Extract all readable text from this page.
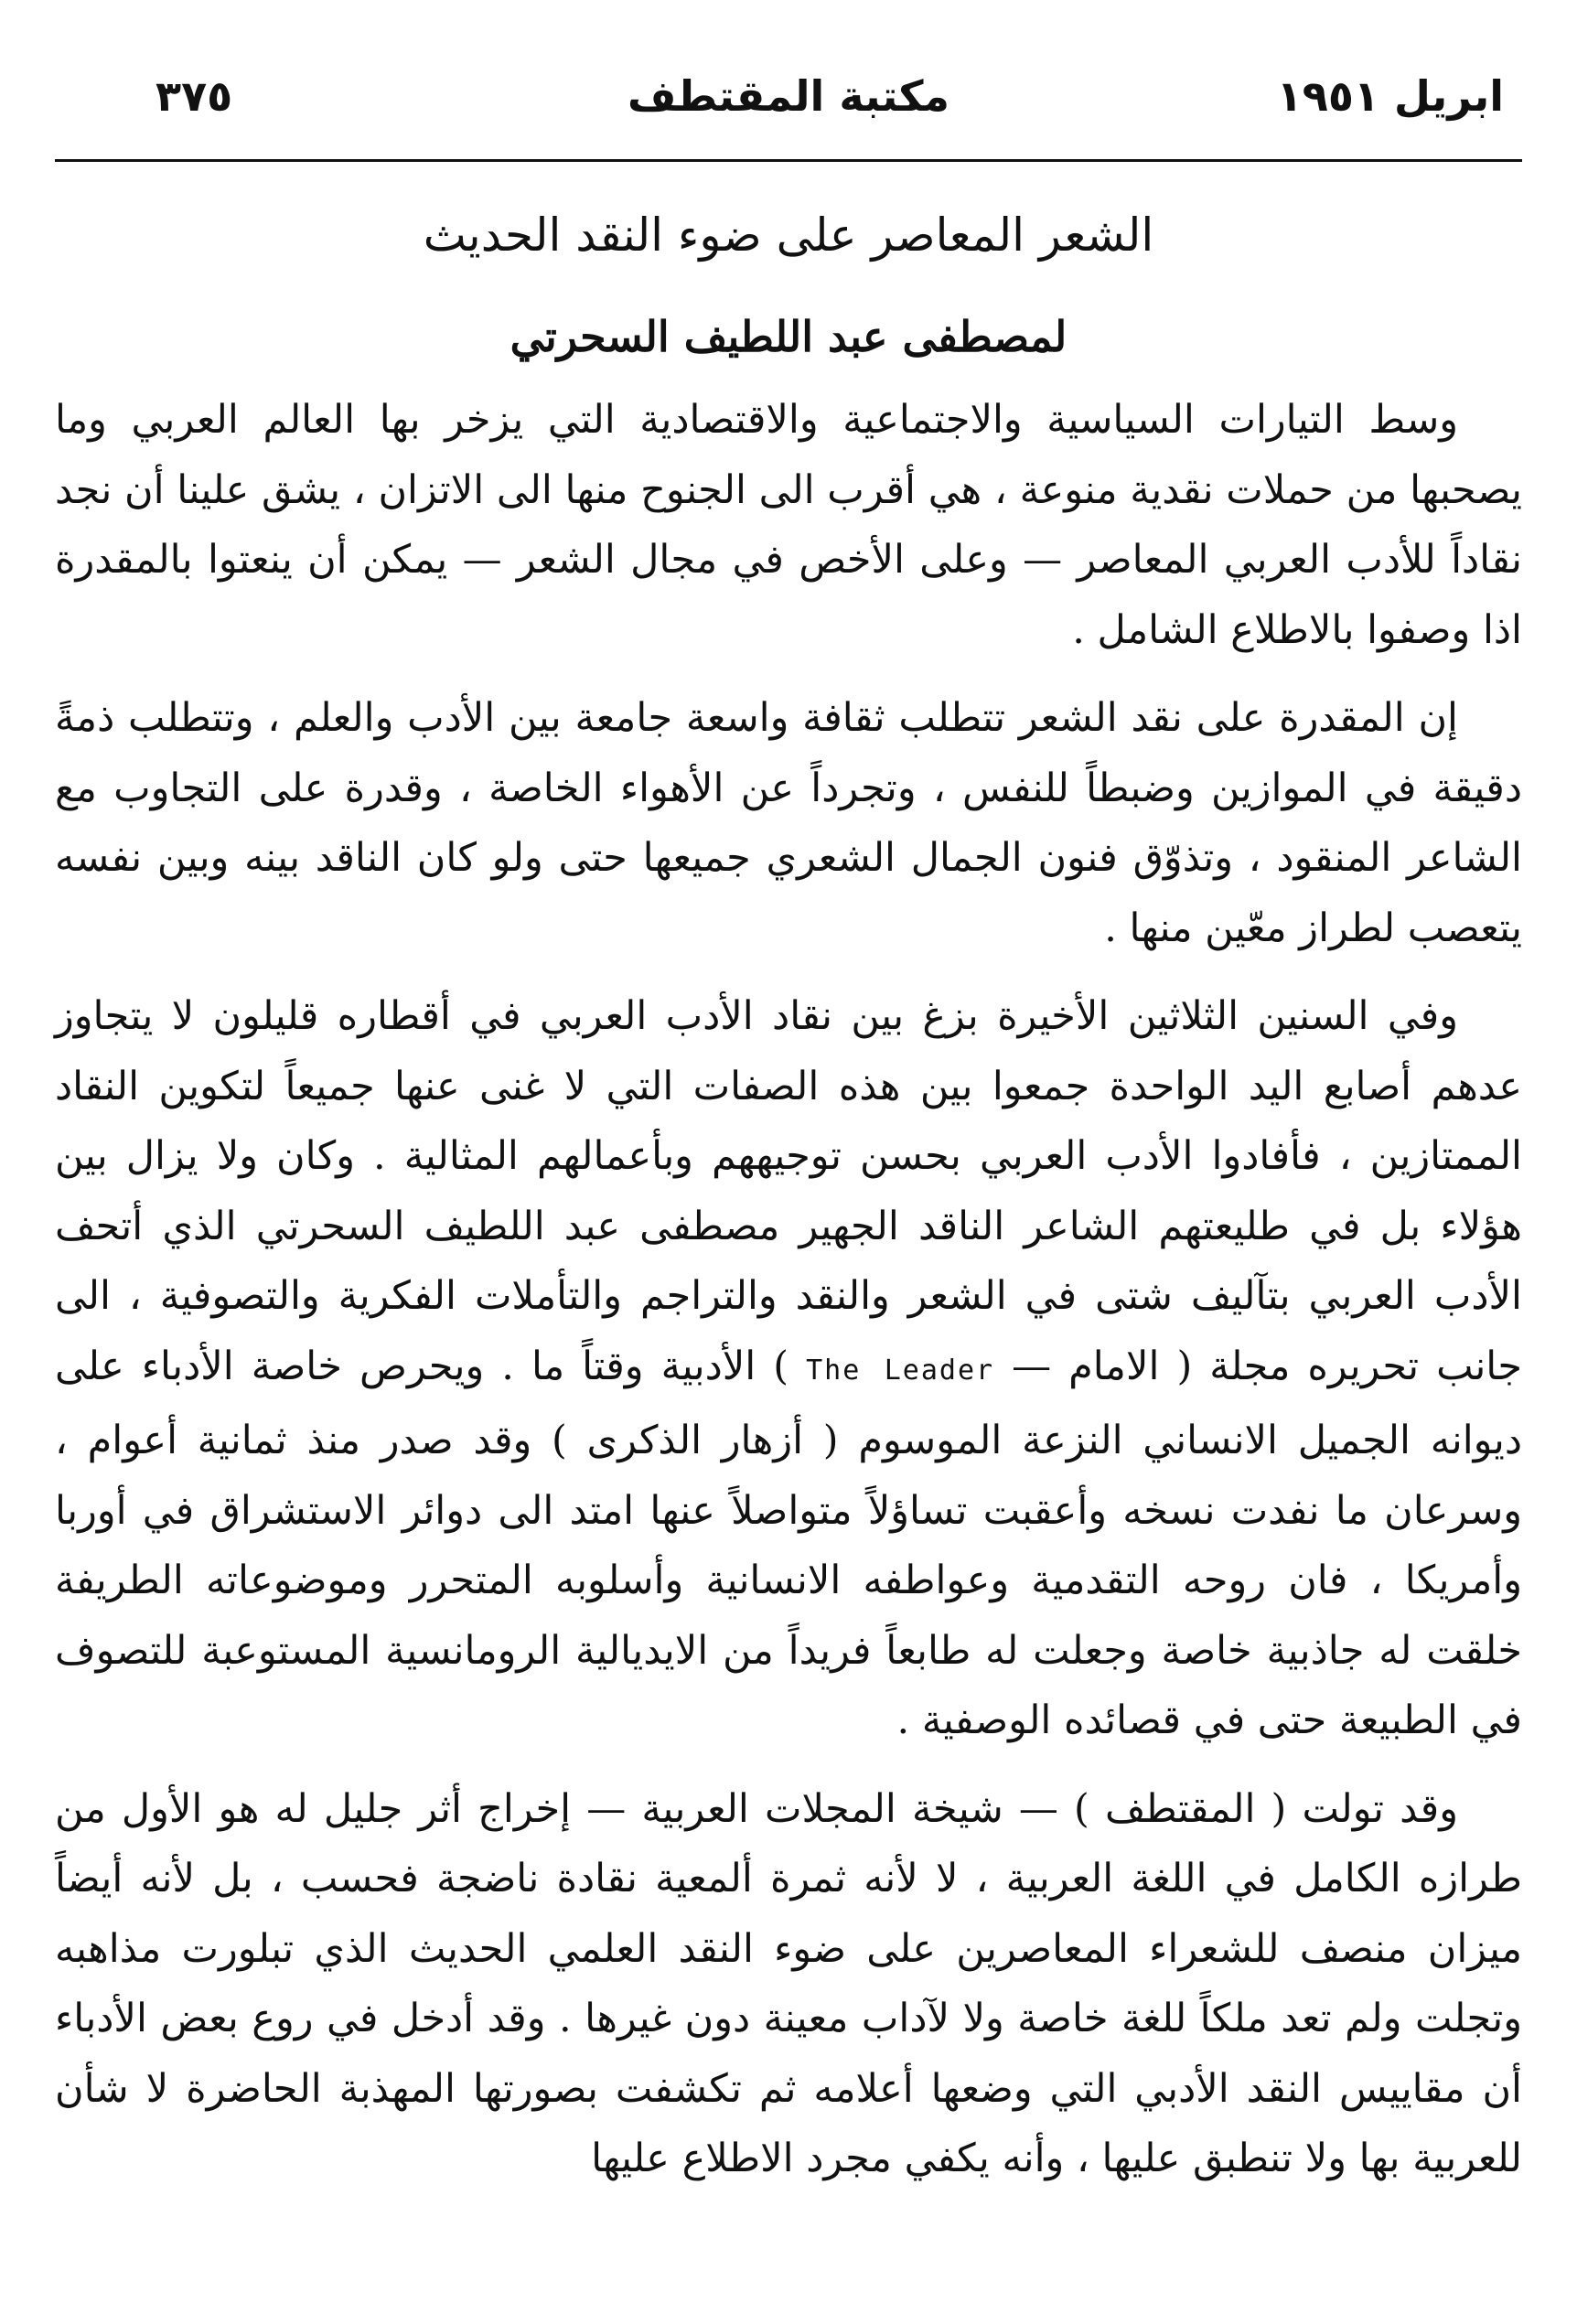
ابريل ١٩٥١
مكتبة المقتطف
٣٧٥
الشعر المعاصر على ضوء النقد الحديث
لمصطفى عبد اللطيف السحرتي

وسط التيارات السياسية والاجتماعية والاقتصادية التي يزخر بها العالم العربي وما يصحبها من حملات نقدية منوعة ، هي أقرب الى الجنوح منها الى الاتزان ، يشق علينا أن نجد نقاداً للأدب العربي المعاصر — وعلى الأخص في مجال الشعر — يمكن أن ينعتوا بالمقدرة اذا وصفوا بالاطلاع الشامل .

إن المقدرة على نقد الشعر تتطلب ثقافة واسعة جامعة بين الأدب والعلم ، وتتطلب ذمةً دقيقة في الموازين وضبطاً للنفس ، وتجرداً عن الأهواء الخاصة ، وقدرة على التجاوب مع الشاعر المنقود ، وتذوّق فنون الجمال الشعري جميعها حتى ولو كان الناقد بينه وبين نفسه يتعصب لطراز معّين منها .

وفي السنين الثلاثين الأخيرة بزغ بين نقاد الأدب العربي في أقطاره قليلون لا يتجاوز عدهم أصابع اليد الواحدة جمعوا بين هذه الصفات التي لا غنى عنها جميعاً لتكوين النقاد الممتازين ، فأفادوا الأدب العربي بحسن توجيههم وبأعمالهم المثالية . وكان ولا يزال بين هؤلاء بل في طليعتهم الشاعر الناقد الجهير مصطفى عبد اللطيف السحرتي الذي أتحف الأدب العربي بتآليف شتى في الشعر والنقد والتراجم والتأملات الفكرية والتصوفية ، الى جانب تحريره مجلة ( الامام — The Leader ) الأدبية وقتاً ما . ويحرص خاصة الأدباء على ديوانه الجميل الانساني النزعة الموسوم ( أزهار الذكرى ) وقد صدر منذ ثمانية أعوام ، وسرعان ما نفدت نسخه وأعقبت تساؤلاً متواصلاً عنها امتد الى دوائر الاستشراق في أوربا وأمريكا ، فان روحه التقدمية وعواطفه الانسانية وأسلوبه المتحرر وموضوعاته الطريفة خلقت له جاذبية خاصة وجعلت له طابعاً فريداً من الايديالية الرومانسية المستوعبة للتصوف في الطبيعة حتى في قصائده الوصفية .

وقد تولت ( المقتطف ) — شيخة المجلات العربية — إخراج أثر جليل له هو الأول من طرازه الكامل في اللغة العربية ، لا لأنه ثمرة ألمعية نقادة ناضجة فحسب ، بل لأنه أيضاً ميزان منصف للشعراء المعاصرين على ضوء النقد العلمي الحديث الذي تبلورت مذاهبه وتجلت ولم تعد ملكاً للغة خاصة ولا لآداب معينة دون غيرها . وقد أدخل في روع بعض الأدباء أن مقاييس النقد الأدبي التي وضعها أعلامه ثم تكشفت بصورتها المهذبة الحاضرة لا شأن للعربية بها ولا تنطبق عليها ، وأنه يكفي مجرد الاطلاع عليها
